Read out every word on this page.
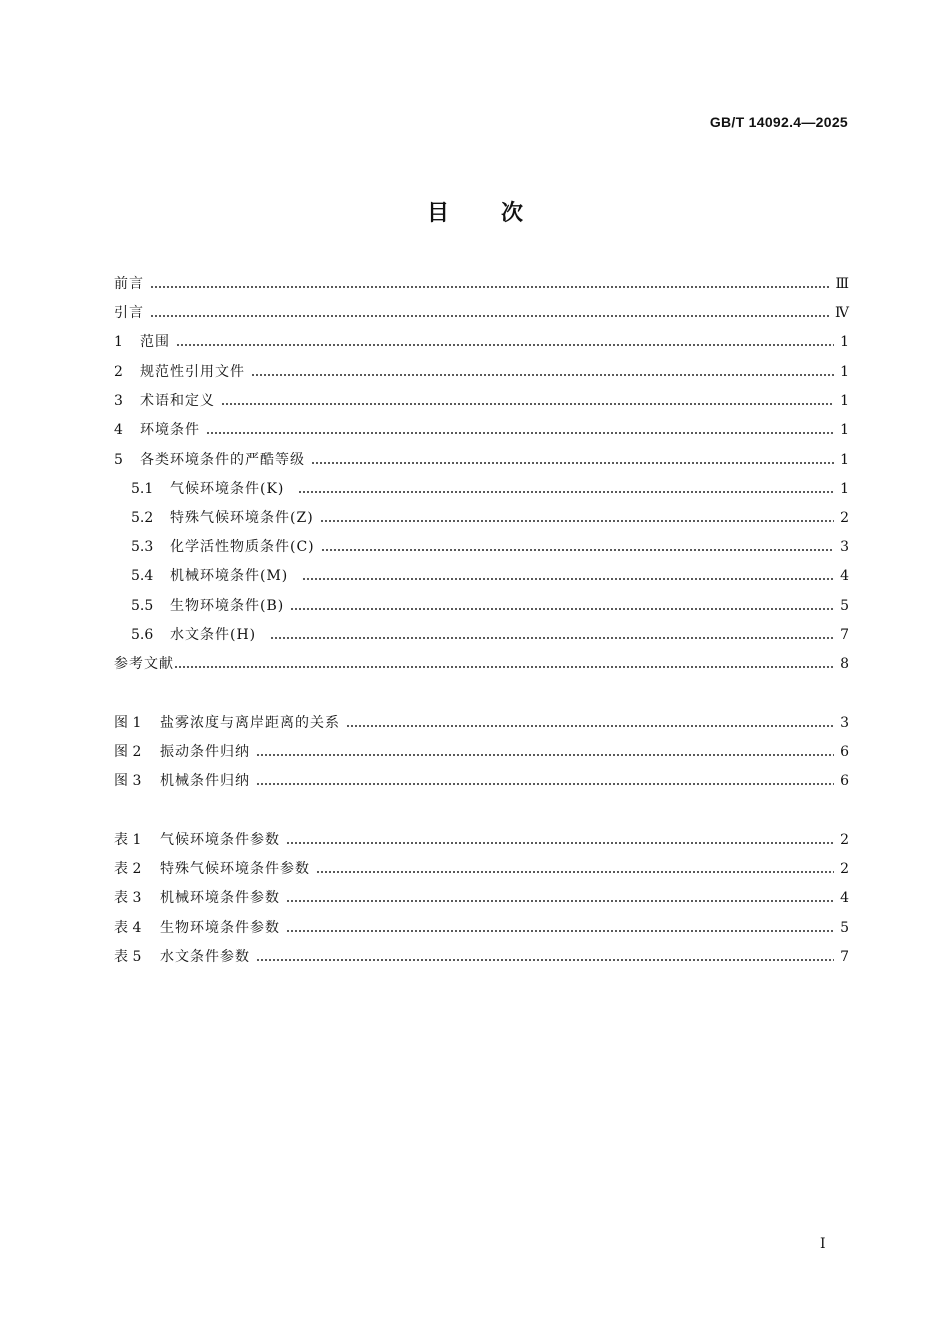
GB/T 14092.4—2025
目次
前言	Ⅲ
引言	Ⅳ
1	范围	1
2	规范性引用文件	1
3	术语和定义	1
4	环境条件	1
5	各类环境条件的严酷等级	1
5.1	气候环境条件(K)	1
5.2	特殊气候环境条件(Z)	2
5.3	化学活性物质条件(C)	3
5.4	机械环境条件(M)	4
5.5	生物环境条件(B)	5
5.6	水文条件(H)	7
参考文献	8
图 1	盐雾浓度与离岸距离的关系	3
图 2	振动条件归纳	6
图 3	机械条件归纳	6
表 1	气候环境条件参数	2
表 2	特殊气候环境条件参数	2
表 3	机械环境条件参数	4
表 4	生物环境条件参数	5
表 5	水文条件参数	7
I
